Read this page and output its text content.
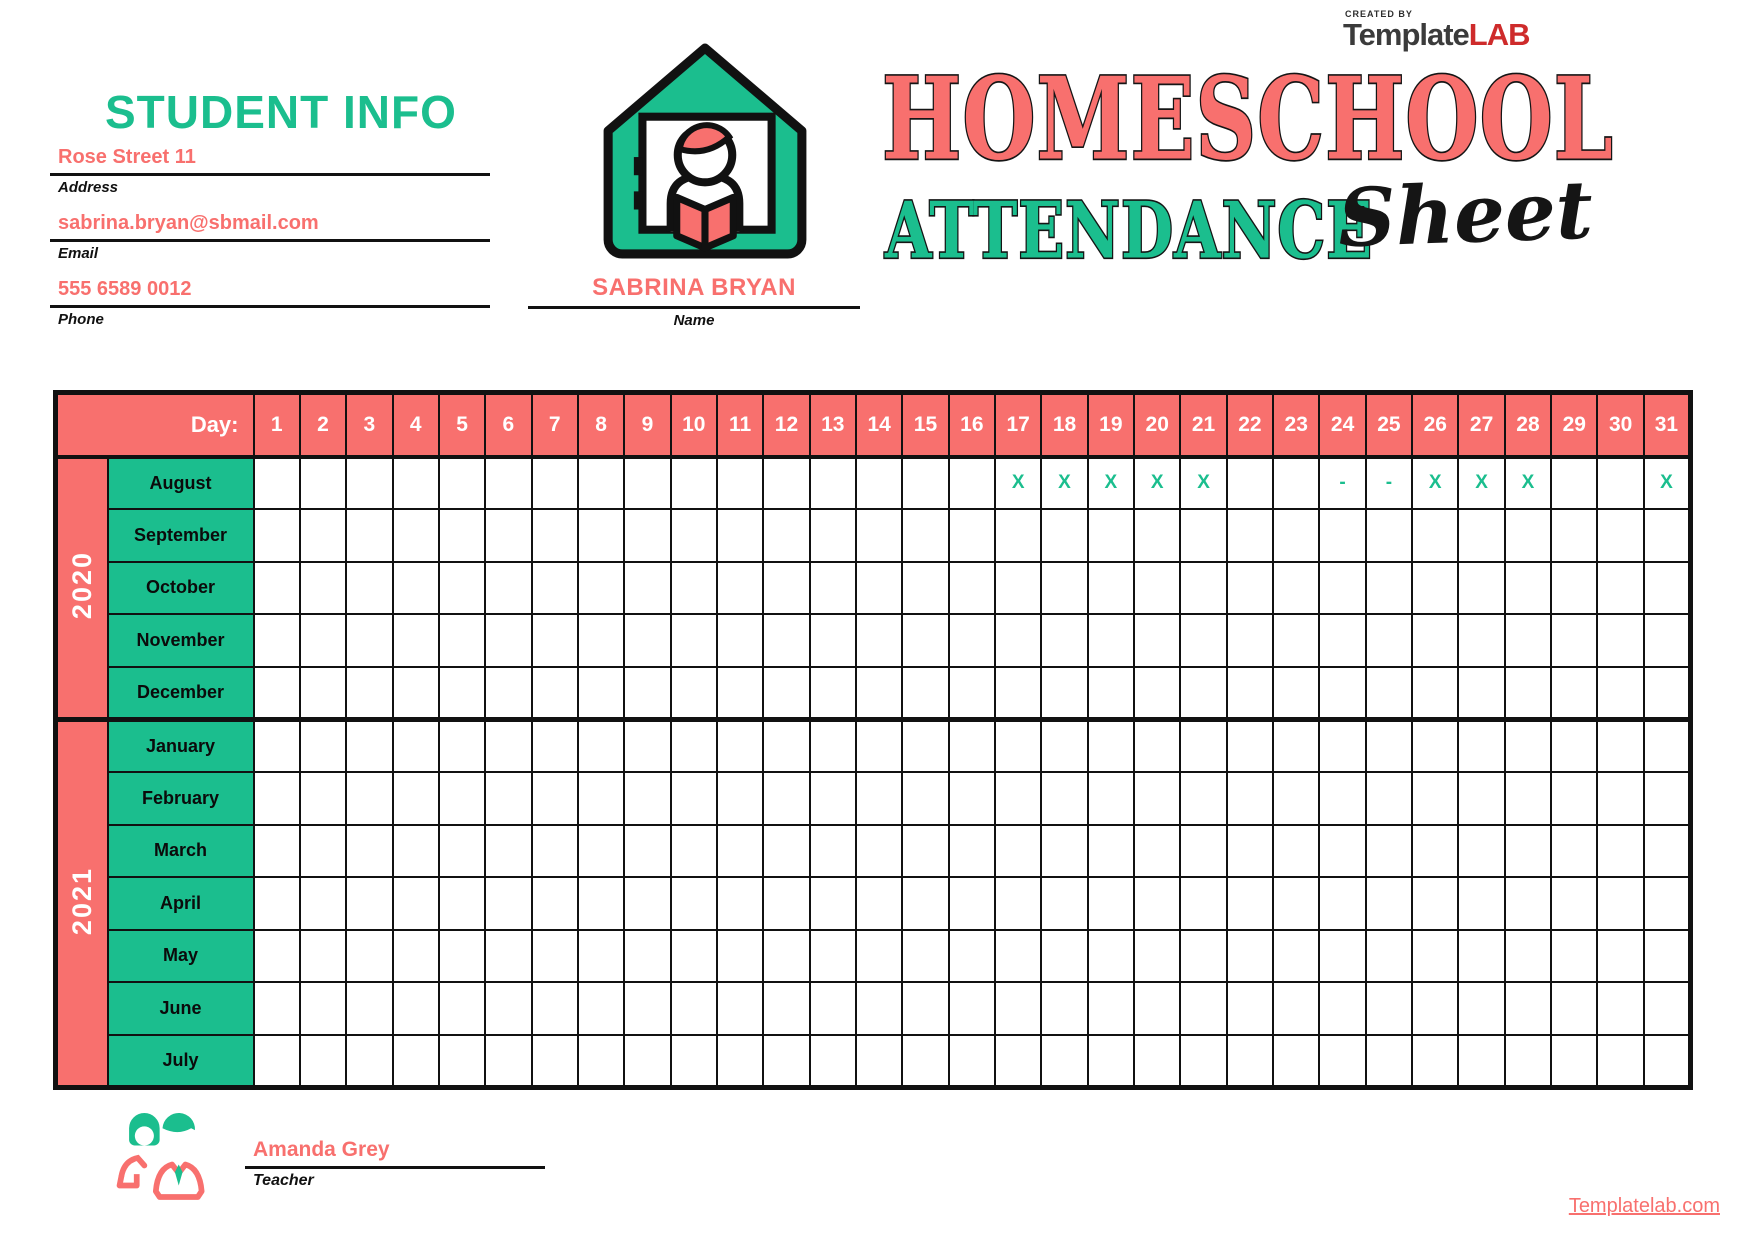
STUDENT INFO
Rose Street 11
Address
sabrina.bryan@sbmail.com
Email
555 6589 0012
Phone
SABRINA BRYAN
Name
CREATED BY
TemplateLAB
HOMESCHOOL
ATTENDANCE
Sheet
Day:		1	2	3	4	5	6	7	8	9	10	11	12	13	14	15	16	17	18	19	20	21	22	23	24	25	26	27	28	29	30	31
2020	August																	X	X	X	X	X			-	-	X	X	X			X
	September																															
	October																															
	November																															
	December																															
2021	January																															
	February																															
	March																															
	April																															
	May																															
	June																															
	July																															
Amanda Grey
Teacher
Templatelab.com
